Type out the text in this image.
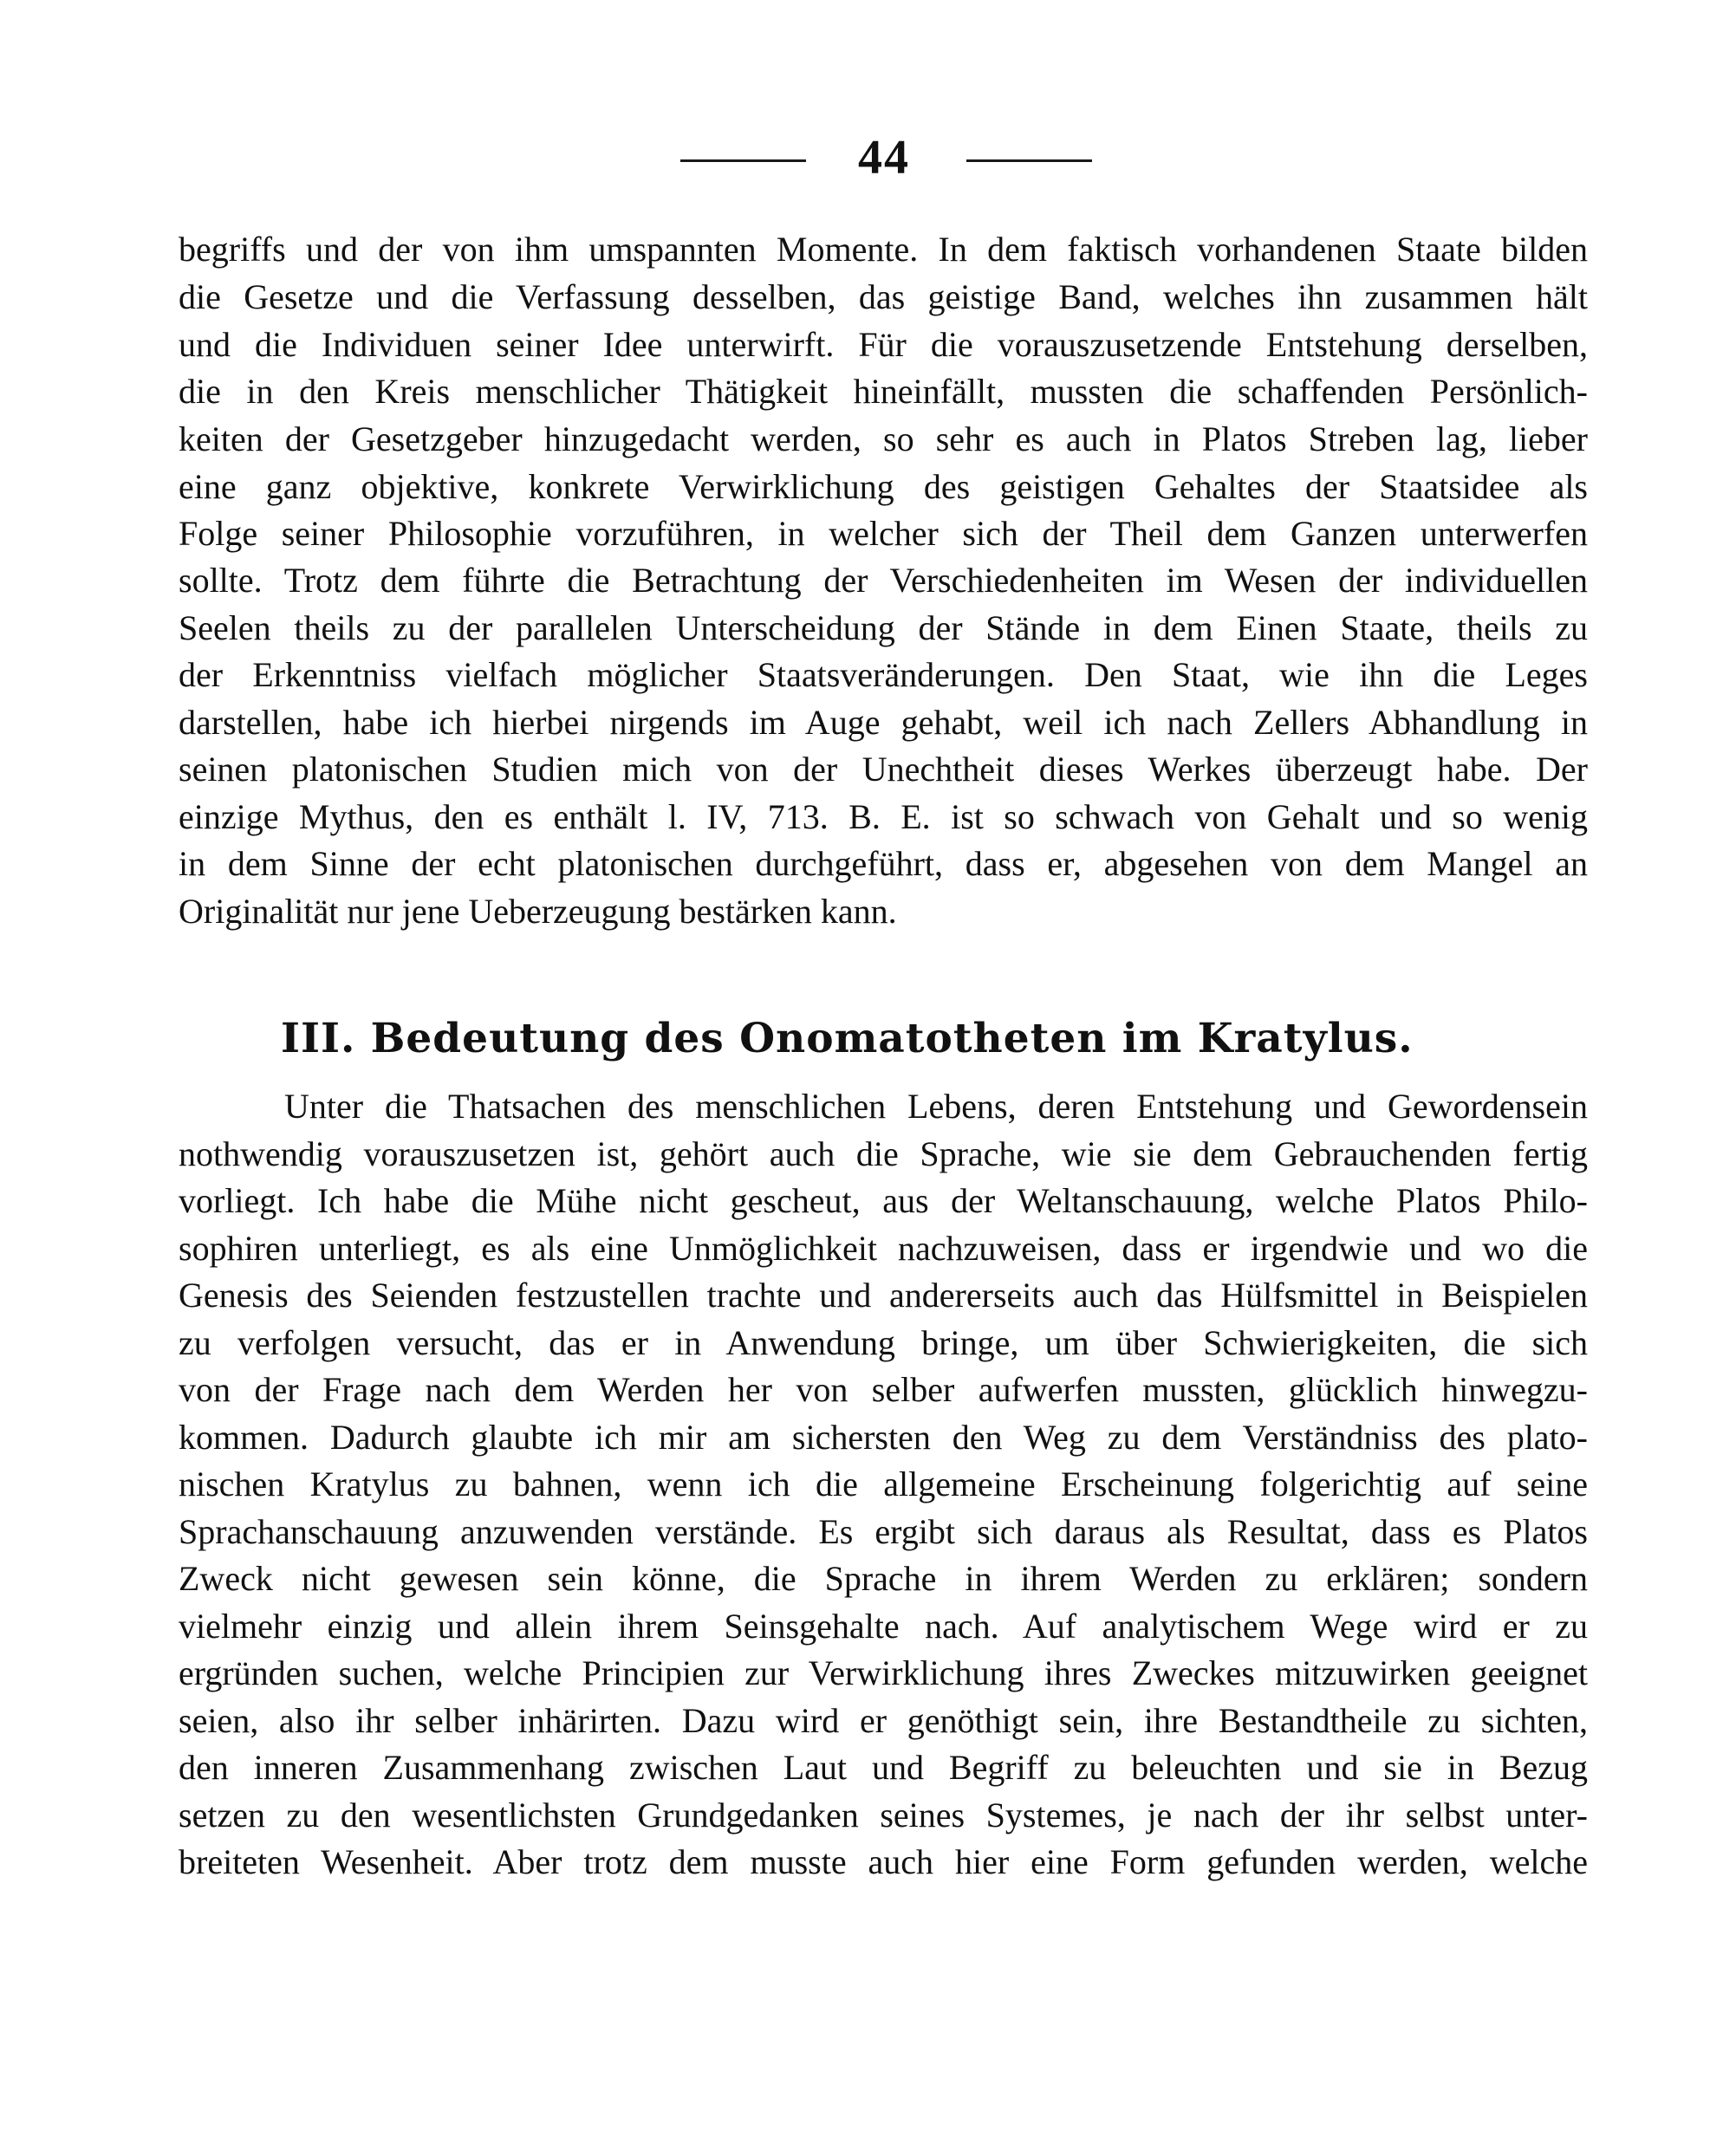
44
begriffs und der von ihm umspannten Momente. In dem faktisch vorhandenen Staate bilden
die Gesetze und die Verfassung desselben, das geistige Band, welches ihn zusammen hält
und die Individuen seiner Idee unterwirft. Für die vorauszusetzende Entstehung derselben,
die in den Kreis menschlicher Thätigkeit hineinfällt, mussten die schaffenden Persönlich-
keiten der Gesetzgeber hinzugedacht werden, so sehr es auch in Platos Streben lag, lieber
eine ganz objektive, konkrete Verwirklichung des geistigen Gehaltes der Staatsidee als
Folge seiner Philosophie vorzuführen, in welcher sich der Theil dem Ganzen unterwerfen
sollte. Trotz dem führte die Betrachtung der Verschiedenheiten im Wesen der individuellen
Seelen theils zu der parallelen Unterscheidung der Stände in dem Einen Staate, theils zu
der Erkenntniss vielfach möglicher Staatsveränderungen. Den Staat, wie ihn die Leges
darstellen, habe ich hierbei nirgends im Auge gehabt, weil ich nach Zellers Abhandlung in
seinen platonischen Studien mich von der Unechtheit dieses Werkes überzeugt habe. Der
einzige Mythus, den es enthält l. IV, 713. B. E. ist so schwach von Gehalt und so wenig
in dem Sinne der echt platonischen durchgeführt, dass er, abgesehen von dem Mangel an
Originalität nur jene Ueberzeugung bestärken kann.
III. Bedeutung des Onomatotheten im Kratylus.
Unter die Thatsachen des menschlichen Lebens, deren Entstehung und Gewordensein
nothwendig vorauszusetzen ist, gehört auch die Sprache, wie sie dem Gebrauchenden fertig
vorliegt. Ich habe die Mühe nicht gescheut, aus der Weltanschauung, welche Platos Philo-
sophiren unterliegt, es als eine Unmöglichkeit nachzuweisen, dass er irgendwie und wo die
Genesis des Seienden festzustellen trachte und andererseits auch das Hülfsmittel in Beispielen
zu verfolgen versucht, das er in Anwendung bringe, um über Schwierigkeiten, die sich
von der Frage nach dem Werden her von selber aufwerfen mussten, glücklich hinwegzu-
kommen. Dadurch glaubte ich mir am sichersten den Weg zu dem Verständniss des plato-
nischen Kratylus zu bahnen, wenn ich die allgemeine Erscheinung folgerichtig auf seine
Sprachanschauung anzuwenden verstände. Es ergibt sich daraus als Resultat, dass es Platos
Zweck nicht gewesen sein könne, die Sprache in ihrem Werden zu erklären; sondern
vielmehr einzig und allein ihrem Seinsgehalte nach. Auf analytischem Wege wird er zu
ergründen suchen, welche Principien zur Verwirklichung ihres Zweckes mitzuwirken geeignet
seien, also ihr selber inhärirten. Dazu wird er genöthigt sein, ihre Bestandtheile zu sichten,
den inneren Zusammenhang zwischen Laut und Begriff zu beleuchten und sie in Bezug
setzen zu den wesentlichsten Grundgedanken seines Systemes, je nach der ihr selbst unter-
breiteten Wesenheit. Aber trotz dem musste auch hier eine Form gefunden werden, welche
